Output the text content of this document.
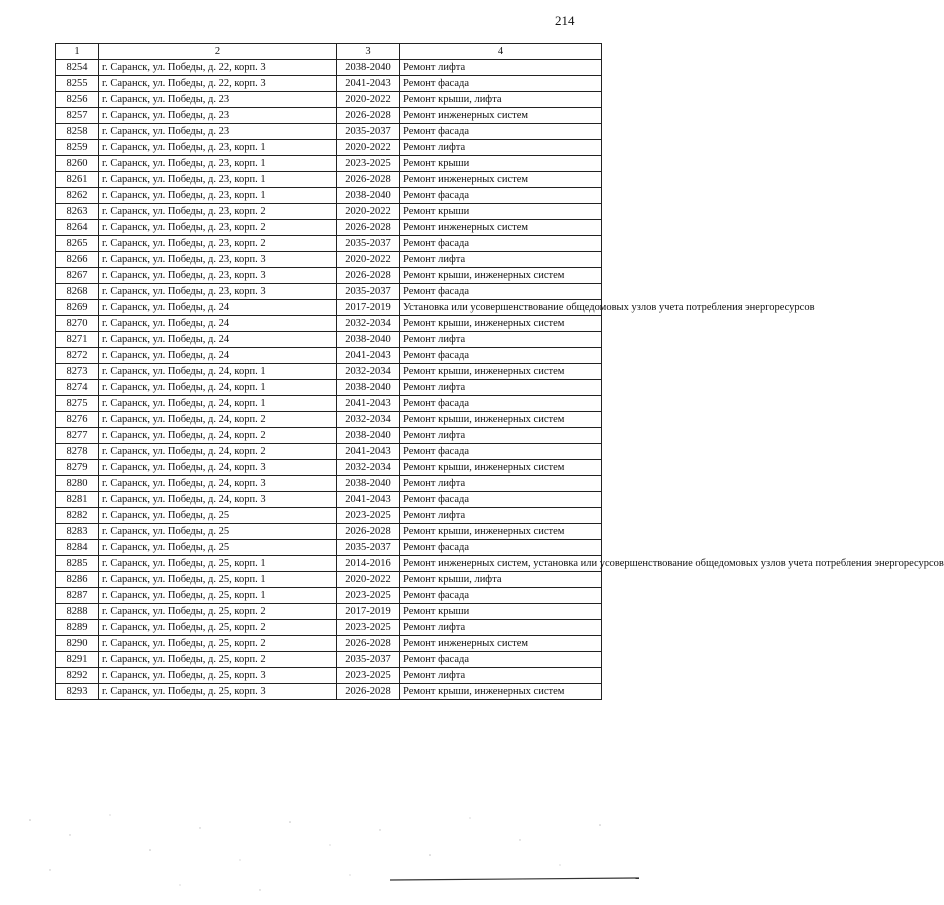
214
1	2	3	4
8254	г. Саранск, ул. Победы, д. 22, корп. 3	2038-2040	Ремонт лифта
8255	г. Саранск, ул. Победы, д. 22, корп. 3	2041-2043	Ремонт фасада
8256	г. Саранск, ул. Победы, д. 23	2020-2022	Ремонт крыши, лифта
8257	г. Саранск, ул. Победы, д. 23	2026-2028	Ремонт инженерных систем
8258	г. Саранск, ул. Победы, д. 23	2035-2037	Ремонт фасада
8259	г. Саранск, ул. Победы, д. 23, корп. 1	2020-2022	Ремонт лифта
8260	г. Саранск, ул. Победы, д. 23, корп. 1	2023-2025	Ремонт крыши
8261	г. Саранск, ул. Победы, д. 23, корп. 1	2026-2028	Ремонт инженерных систем
8262	г. Саранск, ул. Победы, д. 23, корп. 1	2038-2040	Ремонт фасада
8263	г. Саранск, ул. Победы, д. 23, корп. 2	2020-2022	Ремонт крыши
8264	г. Саранск, ул. Победы, д. 23, корп. 2	2026-2028	Ремонт инженерных систем
8265	г. Саранск, ул. Победы, д. 23, корп. 2	2035-2037	Ремонт фасада
8266	г. Саранск, ул. Победы, д. 23, корп. 3	2020-2022	Ремонт лифта
8267	г. Саранск, ул. Победы, д. 23, корп. 3	2026-2028	Ремонт крыши, инженерных систем
8268	г. Саранск, ул. Победы, д. 23, корп. 3	2035-2037	Ремонт фасада
8269	г. Саранск, ул. Победы, д. 24	2017-2019	Установка или усовершенствование общедомовых узлов учета потребления энергоресурсов
8270	г. Саранск, ул. Победы, д. 24	2032-2034	Ремонт крыши, инженерных систем
8271	г. Саранск, ул. Победы, д. 24	2038-2040	Ремонт лифта
8272	г. Саранск, ул. Победы, д. 24	2041-2043	Ремонт фасада
8273	г. Саранск, ул. Победы, д. 24, корп. 1	2032-2034	Ремонт крыши, инженерных систем
8274	г. Саранск, ул. Победы, д. 24, корп. 1	2038-2040	Ремонт лифта
8275	г. Саранск, ул. Победы, д. 24, корп. 1	2041-2043	Ремонт фасада
8276	г. Саранск, ул. Победы, д. 24, корп. 2	2032-2034	Ремонт крыши, инженерных систем
8277	г. Саранск, ул. Победы, д. 24, корп. 2	2038-2040	Ремонт лифта
8278	г. Саранск, ул. Победы, д. 24, корп. 2	2041-2043	Ремонт фасада
8279	г. Саранск, ул. Победы, д. 24, корп. 3	2032-2034	Ремонт крыши, инженерных систем
8280	г. Саранск, ул. Победы, д. 24, корп. 3	2038-2040	Ремонт лифта
8281	г. Саранск, ул. Победы, д. 24, корп. 3	2041-2043	Ремонт фасада
8282	г. Саранск, ул. Победы, д. 25	2023-2025	Ремонт лифта
8283	г. Саранск, ул. Победы, д. 25	2026-2028	Ремонт крыши, инженерных систем
8284	г. Саранск, ул. Победы, д. 25	2035-2037	Ремонт фасада
8285	г. Саранск, ул. Победы, д. 25, корп. 1	2014-2016	Ремонт инженерных систем, установка или усовершенствование общедомовых узлов учета потребления энергоресурсов
8286	г. Саранск, ул. Победы, д. 25, корп. 1	2020-2022	Ремонт крыши, лифта
8287	г. Саранск, ул. Победы, д. 25, корп. 1	2023-2025	Ремонт фасада
8288	г. Саранск, ул. Победы, д. 25, корп. 2	2017-2019	Ремонт крыши
8289	г. Саранск, ул. Победы, д. 25, корп. 2	2023-2025	Ремонт лифта
8290	г. Саранск, ул. Победы, д. 25, корп. 2	2026-2028	Ремонт инженерных систем
8291	г. Саранск, ул. Победы, д. 25, корп. 2	2035-2037	Ремонт фасада
8292	г. Саранск, ул. Победы, д. 25, корп. 3	2023-2025	Ремонт лифта
8293	г. Саранск, ул. Победы, д. 25, корп. 3	2026-2028	Ремонт крыши, инженерных систем
